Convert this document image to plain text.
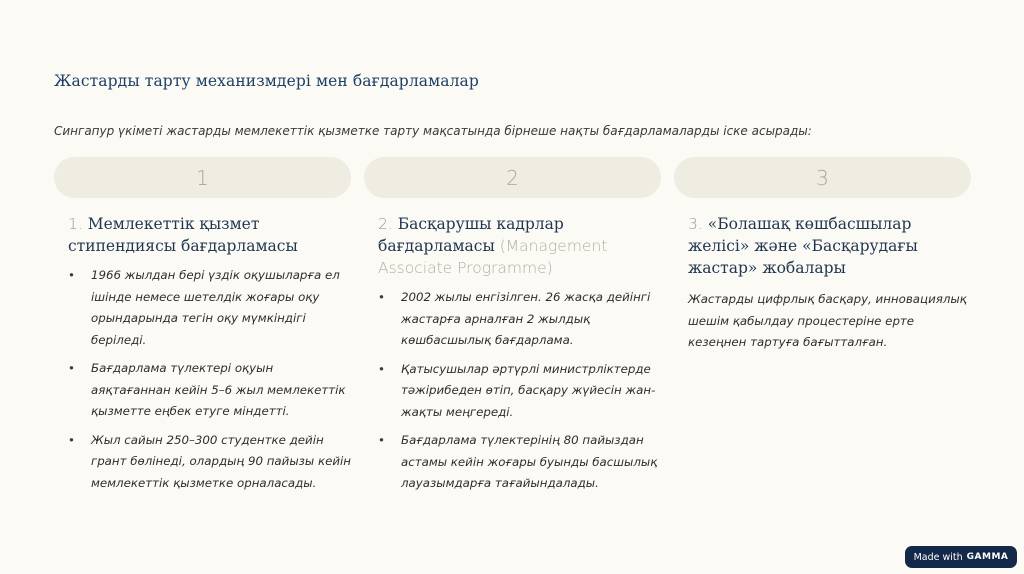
Жастарды тарту механизмдері мен бағдарламалар
Сингапур үкіметі жастарды мемлекеттік қызметке тарту мақсатында бірнеше нақты бағдарламаларды іске асырады:
1
1. Мемлекеттік қызмет стипендиясы бағдарламасы
• 1966 жылдан бері үздік оқушыларға ел ішінде немесе шетелдік жоғары оқу орындарында тегін оқу мүмкіндігі беріледі.
• Бағдарлама түлектері оқуын аяқтағаннан кейін 5–6 жыл мемлекеттік қызметте еңбек етуге міндетті.
• Жыл сайын 250–300 студентке дейін грант бөлінеді, олардың 90 пайызы кейін мемлекеттік қызметке орналасады.
2
2. Басқарушы кадрлар бағдарламасы (Management Associate Programme)
• 2002 жылы енгізілген. 26 жасқа дейінгі жастарға арналған 2 жылдық көшбасшылық бағдарлама.
• Қатысушылар әртүрлі министрліктерде тәжірибеден өтіп, басқару жүйесін жан-жақты меңгереді.
• Бағдарлама түлектерінің 80 пайыздан астамы кейін жоғары буынды басшылық лауазымдарға тағайындалады.
3
3. «Болашақ көшбасшылар желісі» және «Басқарудағы жастар» жобалары
Жастарды цифрлық басқару, инновациялық шешім қабылдау процестеріне ерте кезеңнен тартуға бағытталған.
Made with GAMMA
